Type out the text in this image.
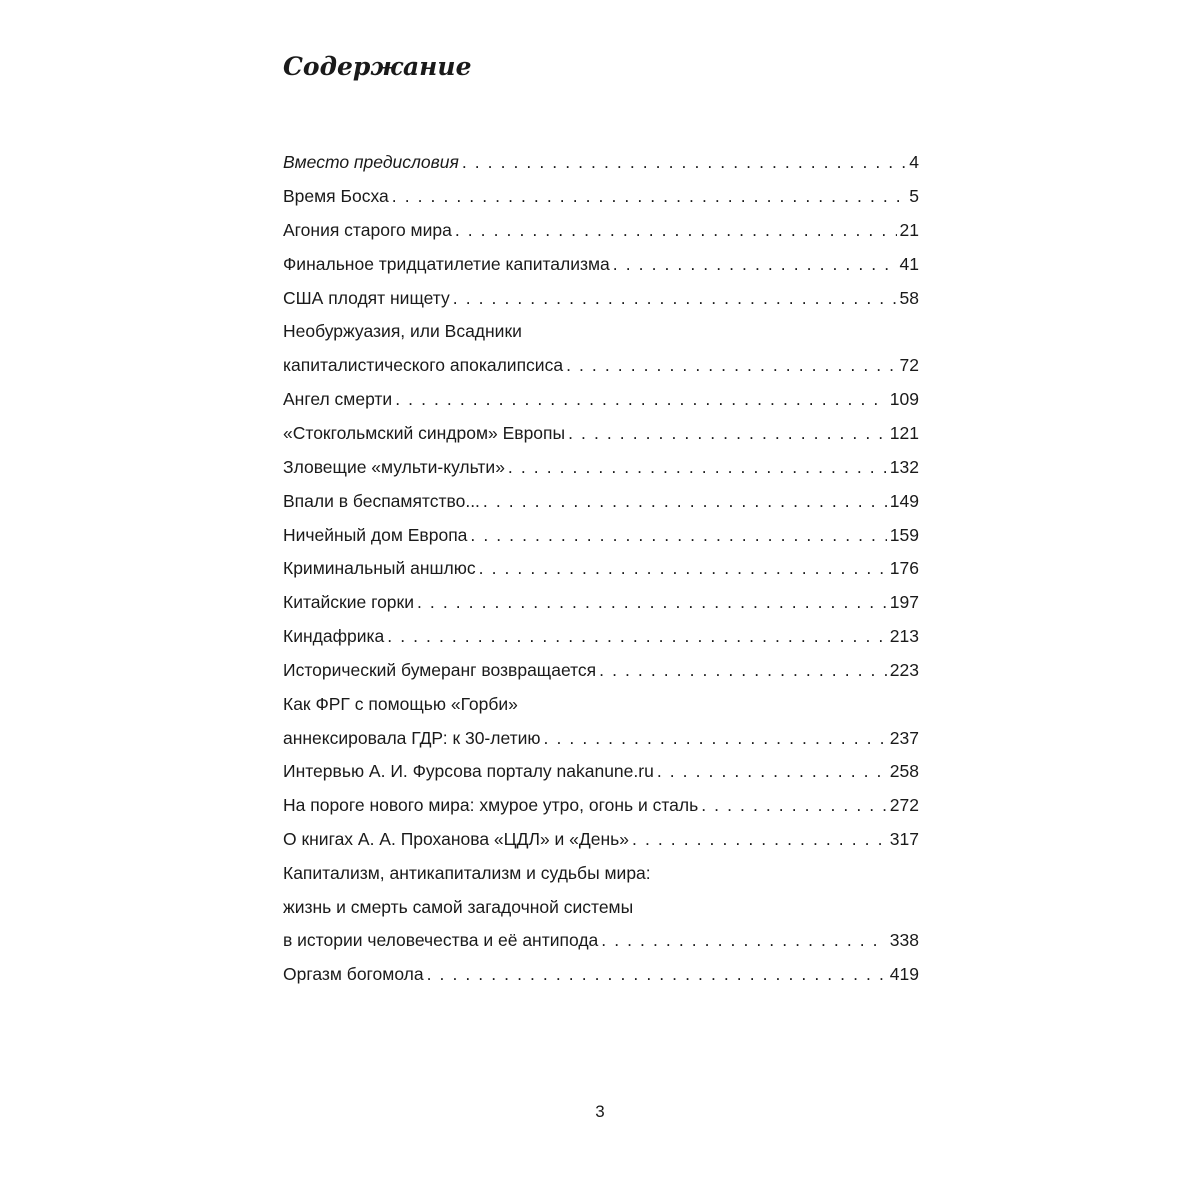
Содержание
Вместо предисловия . . .	4
Время Босха . . .	5
Агония старого мира . . .	21
Финальное тридцатилетие капитализма . . .	41
США плодят нищету . . .	58
Необуржуазия, или Всадники
капиталистического апокалипсиса . . .	72
Ангел смерти . . .	109
«Стокгольмский синдром» Европы . . .	121
Зловещие «мульти-культи» . . .	132
Впали в беспамятство... . . .	149
Ничейный дом Европа . . .	159
Криминальный аншлюс . . .	176
Китайские горки . . .	197
Киндафрика . . .	213
Исторический бумеранг возвращается . . .	223
Как ФРГ с помощью «Горби»
аннексировала ГДР: к 30-летию . . .	237
Интервью А. И. Фурсова порталу nakanune.ru . . .	258
На пороге нового мира: хмурое утро, огонь и сталь . . .	272
О книгах А. А. Проханова «ЦДЛ» и «День» . . .	317
Капитализм, антикапитализм и судьбы мира:
жизнь и смерть самой загадочной системы
в истории человечества и её антипода . . .	338
Оргазм богомола . . .	419
3
